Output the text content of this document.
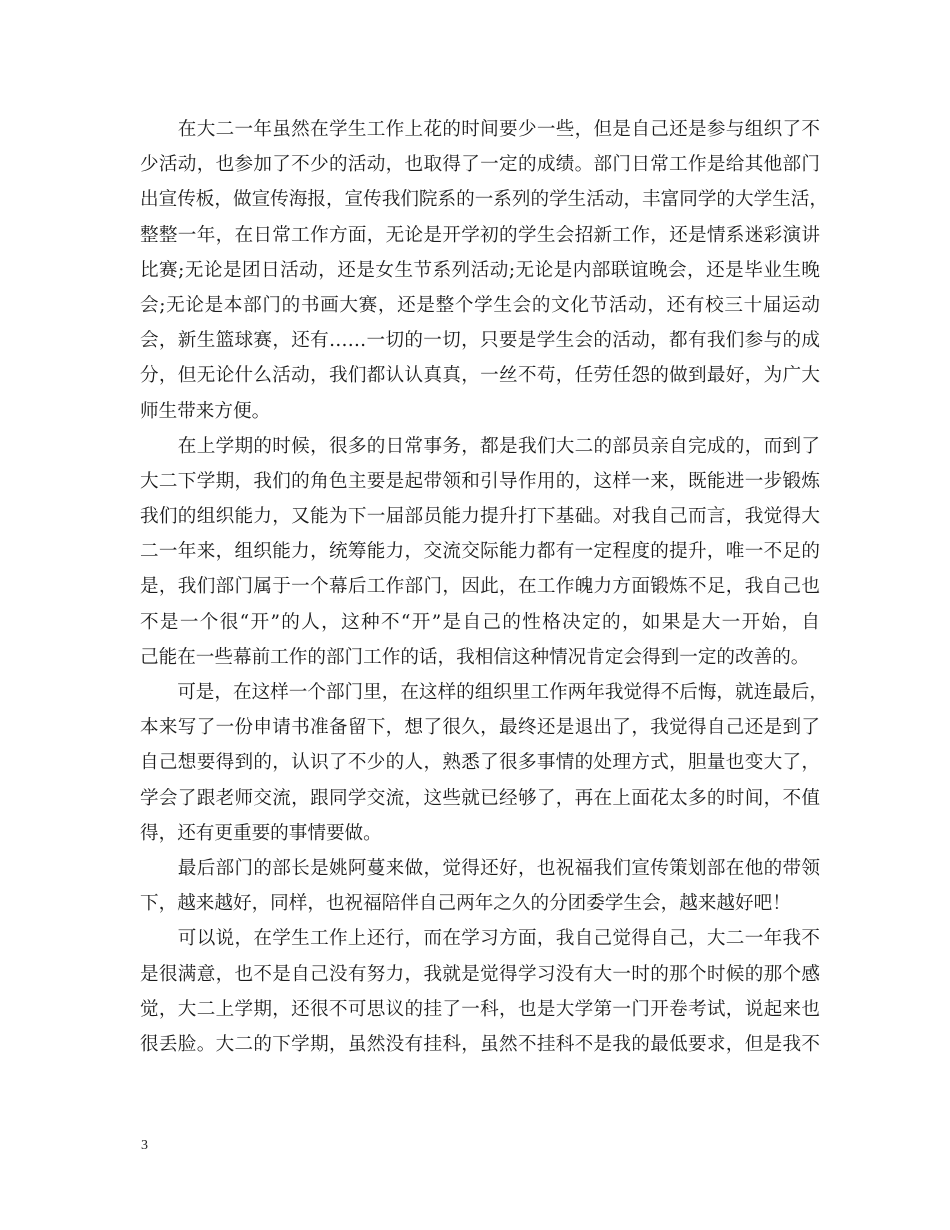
　　在大二一年虽然在学生工作上花的时间要少一些，但是自己还是参与组织了不
少活动，也参加了不少的活动，也取得了一定的成绩。部门日常工作是给其他部门
出宣传板，做宣传海报，宣传我们院系的一系列的学生活动，丰富同学的大学生活，
整整一年，在日常工作方面，无论是开学初的学生会招新工作，还是情系迷彩演讲
比赛;无论是团日活动，还是女生节系列活动;无论是内部联谊晚会，还是毕业生晚
会;无论是本部门的书画大赛，还是整个学生会的文化节活动，还有校三十届运动
会，新生篮球赛，还有……一切的一切，只要是学生会的活动，都有我们参与的成
分，但无论什么活动，我们都认认真真，一丝不苟，任劳任怨的做到最好，为广大
师生带来方便。
　　在上学期的时候，很多的日常事务，都是我们大二的部员亲自完成的，而到了
大二下学期，我们的角色主要是起带领和引导作用的，这样一来，既能进一步锻炼
我们的组织能力，又能为下一届部员能力提升打下基础。对我自己而言，我觉得大
二一年来，组织能力，统筹能力，交流交际能力都有一定程度的提升，唯一不足的
是，我们部门属于一个幕后工作部门，因此，在工作魄力方面锻炼不足，我自己也
不是一个很“开”的人，这种不“开”是自己的性格决定的，如果是大一开始，自
己能在一些幕前工作的部门工作的话，我相信这种情况肯定会得到一定的改善的。
　　可是，在这样一个部门里，在这样的组织里工作两年我觉得不后悔，就连最后，
本来写了一份申请书准备留下，想了很久，最终还是退出了，我觉得自己还是到了
自己想要得到的，认识了不少的人，熟悉了很多事情的处理方式，胆量也变大了，
学会了跟老师交流，跟同学交流，这些就已经够了，再在上面花太多的时间，不值
得，还有更重要的事情要做。
　　最后部门的部长是姚阿蔓来做，觉得还好，也祝福我们宣传策划部在他的带领
下，越来越好，同样，也祝福陪伴自己两年之久的分团委学生会，越来越好吧！
　　可以说，在学生工作上还行，而在学习方面，我自己觉得自己，大二一年我不
是很满意，也不是自己没有努力，我就是觉得学习没有大一时的那个时候的那个感
觉，大二上学期，还很不可思议的挂了一科，也是大学第一门开卷考试，说起来也
很丢脸。大二的下学期，虽然没有挂科，虽然不挂科不是我的最低要求，但是我不
3
